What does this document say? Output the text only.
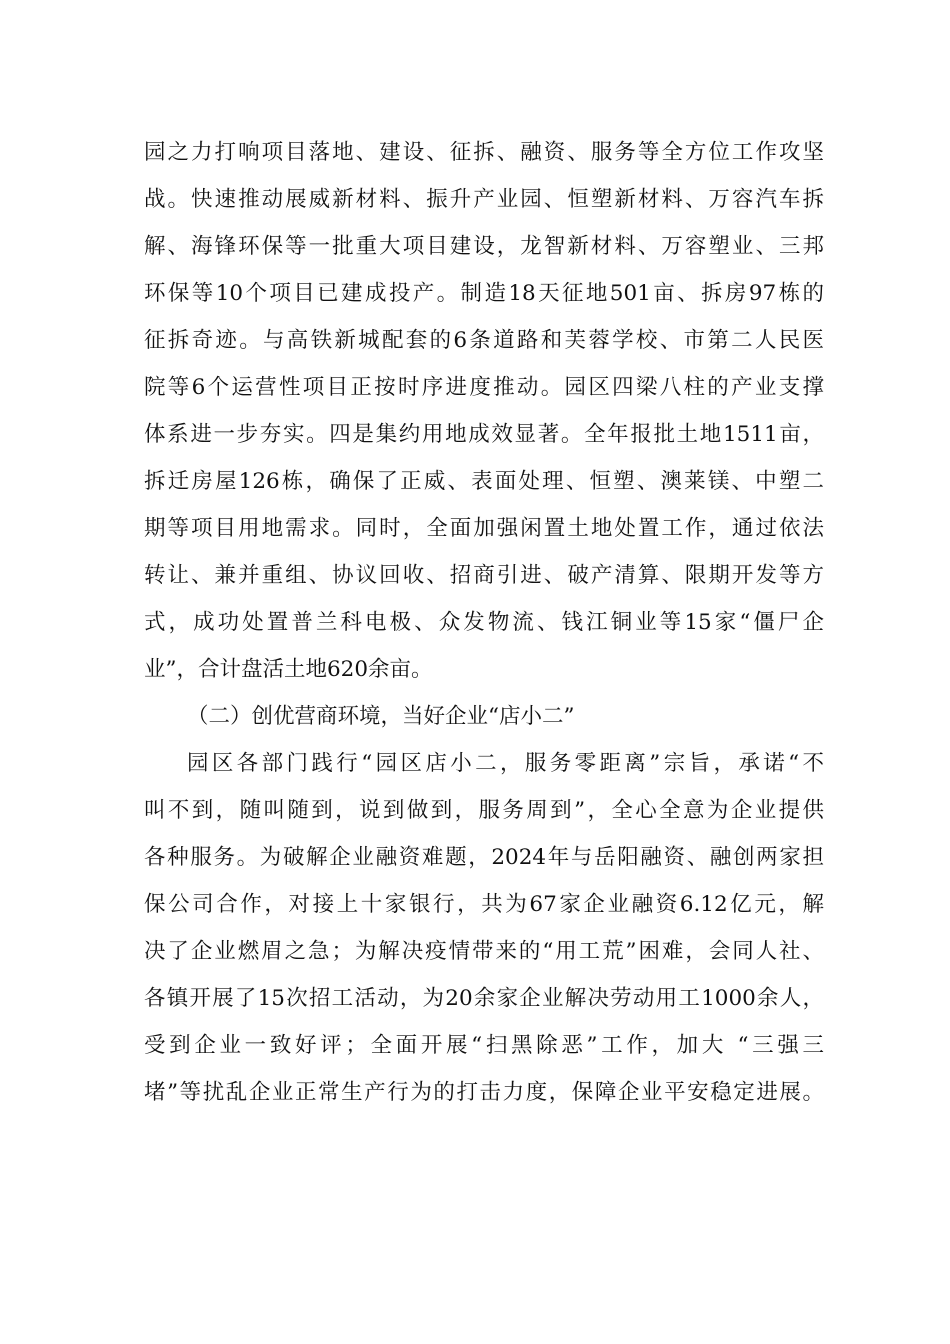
园之力打响项目落地、建设、征拆、融资、服务等全方位工作攻坚
战。快速推动展威新材料、振升产业园、恒塑新材料、万容汽车拆
解、海锋环保等一批重大项目建设，龙智新材料、万容塑业、三邦
环保等10个项目已建成投产。制造18天征地501亩、拆房97栋的
征拆奇迹。与高铁新城配套的6条道路和芙蓉学校、市第二人民医
院等6个运营性项目正按时序进度推动。园区四梁八柱的产业支撑
体系进一步夯实。四是集约用地成效显著。全年报批土地1511亩，
拆迁房屋126栋，确保了正威、表面处理、恒塑、澳莱镁、中塑二
期等项目用地需求。同时，全面加强闲置土地处置工作，通过依法
转让、兼并重组、协议回收、招商引进、破产清算、限期开发等方
式，成功处置普兰科电极、众发物流、钱江铜业等15家“僵尸企
业”，合计盘活土地620余亩。
（二）创优营商环境，当好企业“店小二”
园区各部门践行“园区店小二，服务零距离”宗旨，承诺“不
叫不到，随叫随到，说到做到，服务周到”，全心全意为企业提供
各种服务。为破解企业融资难题，2024年与岳阳融资、融创两家担
保公司合作，对接上十家银行，共为67家企业融资6.12亿元，解
决了企业燃眉之急；为解决疫情带来的“用工荒”困难，会同人社、
各镇开展了15次招工活动，为20余家企业解决劳动用工1000余人，
受到企业一致好评；全面开展“扫黑除恶”工作，加大 “三强三
堵”等扰乱企业正常生产行为的打击力度，保障企业平安稳定进展。
